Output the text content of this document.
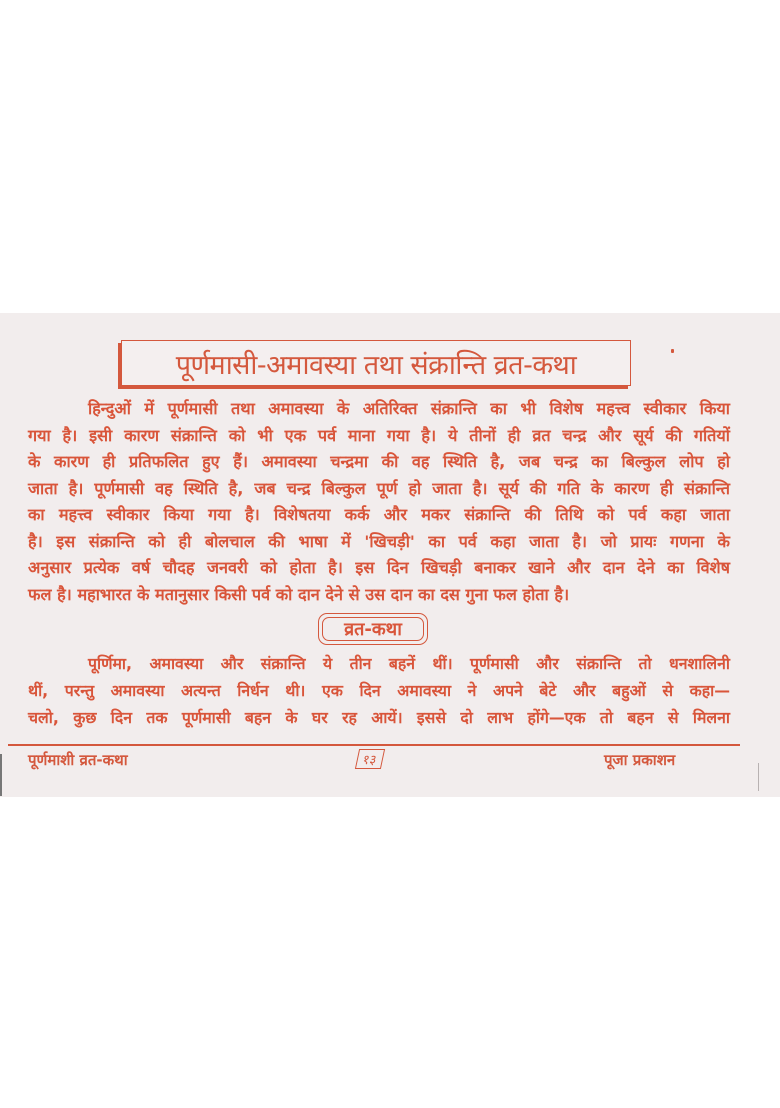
पूर्णमासी-अमावस्या तथा संक्रान्ति व्रत-कथा
हिन्दुओं में पूर्णमासी तथा अमावस्या के अतिरिक्त संक्रान्ति का भी विशेष महत्त्व स्वीकार किया
गया है। इसी कारण संक्रान्ति को भी एक पर्व माना गया है। ये तीनों ही व्रत चन्द्र और सूर्य की गतियों
के कारण ही प्रतिफलित हुए हैं। अमावस्या चन्द्रमा की वह स्थिति है, जब चन्द्र का बिल्कुल लोप हो
जाता है। पूर्णमासी वह स्थिति है, जब चन्द्र बिल्कुल पूर्ण हो जाता है। सूर्य की गति के कारण ही संक्रान्ति
का महत्त्व स्वीकार किया गया है। विशेषतया कर्क और मकर संक्रान्ति की तिथि को पर्व कहा जाता
है। इस संक्रान्ति को ही बोलचाल की भाषा में 'खिचड़ी' का पर्व कहा जाता है। जो प्रायः गणना के
अनुसार प्रत्येक वर्ष चौदह जनवरी को होता है। इस दिन खिचड़ी बनाकर खाने और दान देने का विशेष
फल है। महाभारत के मतानुसार किसी पर्व को दान देने से उस दान का दस गुना फल होता है।
व्रत-कथा
पूर्णिमा, अमावस्या और संक्रान्ति ये तीन बहनें थीं। पूर्णमासी और संक्रान्ति तो धनशालिनी
थीं, परन्तु अमावस्या अत्यन्त निर्धन थी। एक दिन अमावस्या ने अपने बेटे और बहुओं से कहा—
चलो, कुछ दिन तक पूर्णमासी बहन के घर रह आयें। इससे दो लाभ होंगे—एक तो बहन से मिलना
पूर्णमाशी व्रत-कथा	१३	पूजा प्रकाशन
